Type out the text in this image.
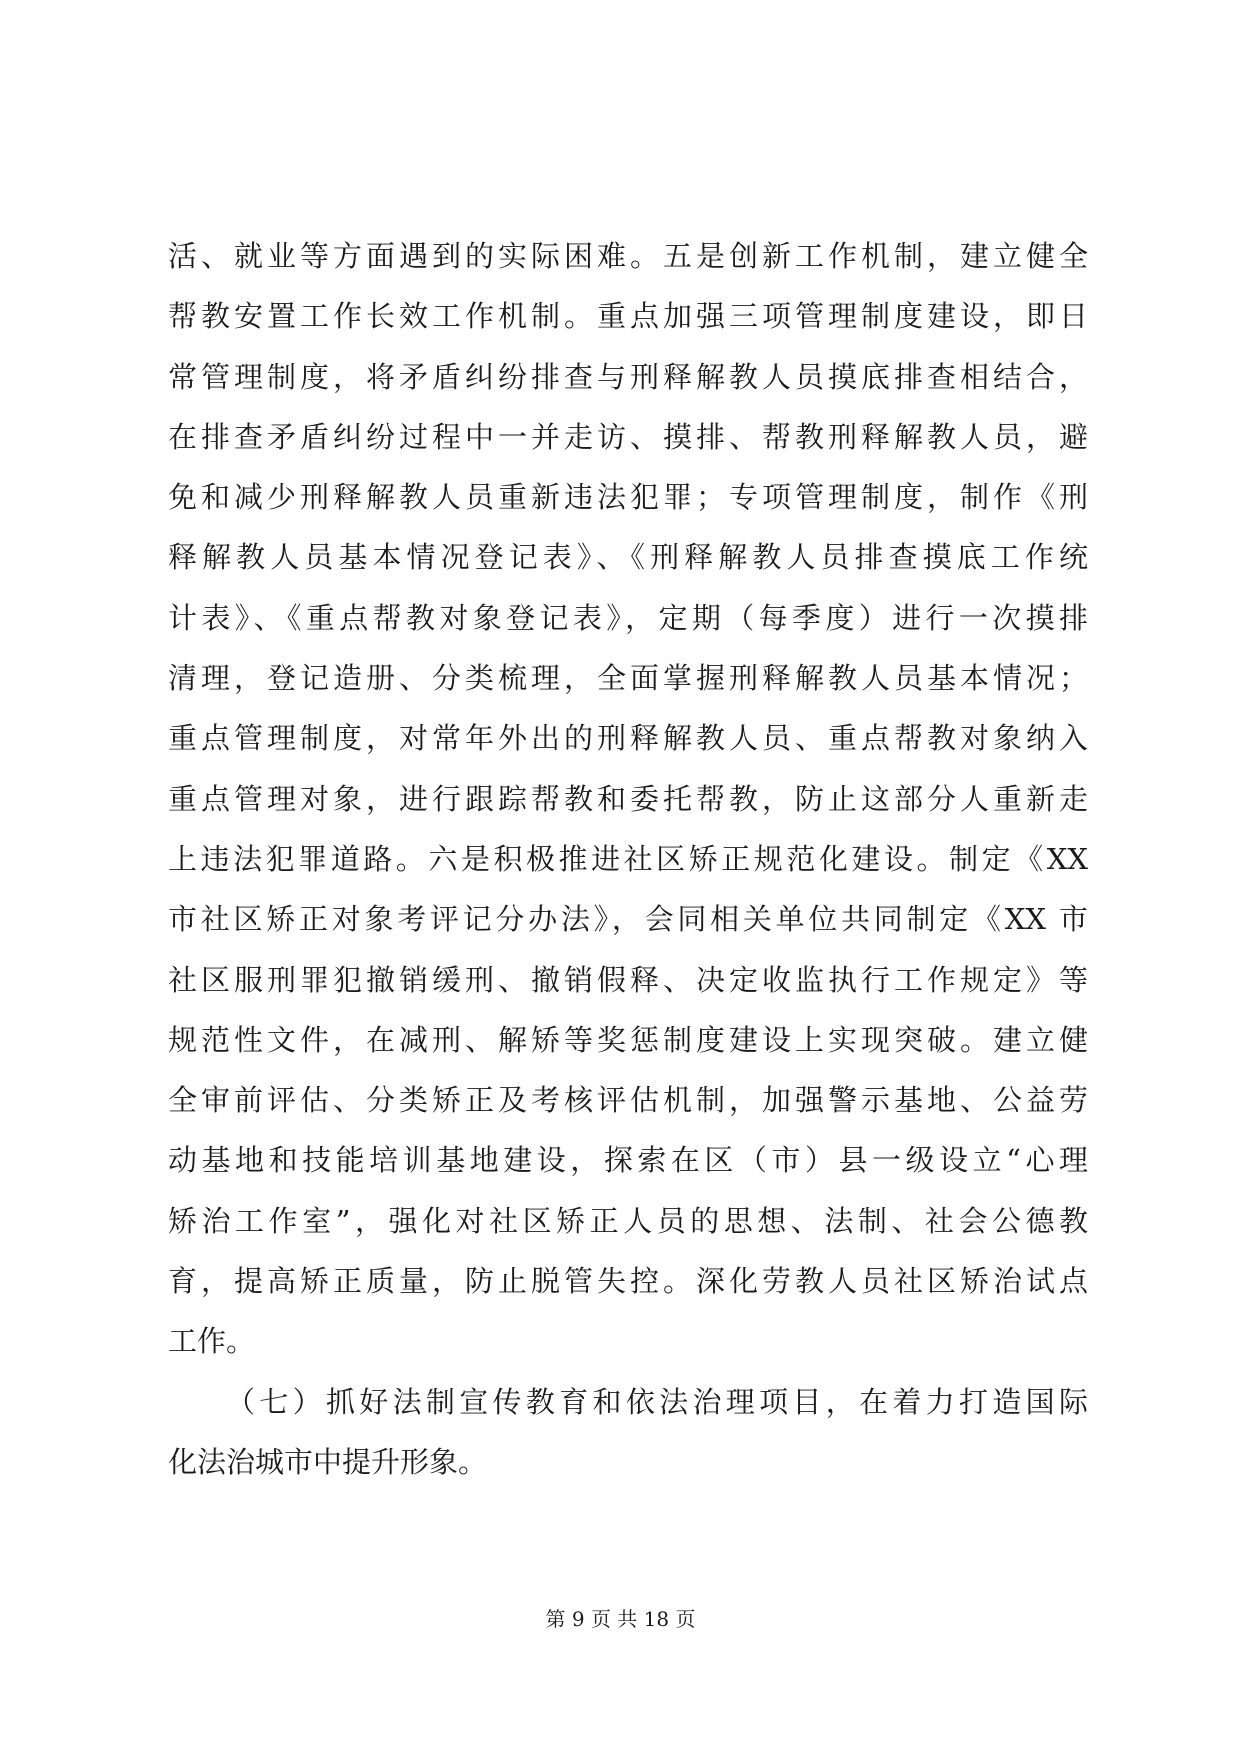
活、就业等方面遇到的实际困难。五是创新工作机制，建立健全
帮教安置工作长效工作机制。重点加强三项管理制度建设，即日
常管理制度，将矛盾纠纷排查与刑释解教人员摸底排查相结合，
在排查矛盾纠纷过程中一并走访、摸排、帮教刑释解教人员，避
免和减少刑释解教人员重新违法犯罪；专项管理制度，制作《刑
释解教人员基本情况登记表》、《刑释解教人员排查摸底工作统
计表》、《重点帮教对象登记表》，定期（每季度）进行一次摸排
清理，登记造册、分类梳理，全面掌握刑释解教人员基本情况；
重点管理制度，对常年外出的刑释解教人员、重点帮教对象纳入
重点管理对象，进行跟踪帮教和委托帮教，防止这部分人重新走
上违法犯罪道路。六是积极推进社区矫正规范化建设。制定《XX
市社区矫正对象考评记分办法》，会同相关单位共同制定《XX 市
社区服刑罪犯撤销缓刑、撤销假释、决定收监执行工作规定》等
规范性文件，在减刑、解矫等奖惩制度建设上实现突破。建立健
全审前评估、分类矫正及考核评估机制，加强警示基地、公益劳
动基地和技能培训基地建设，探索在区（市）县一级设立“心理
矫治工作室”，强化对社区矫正人员的思想、法制、社会公德教
育，提高矫正质量，防止脱管失控。深化劳教人员社区矫治试点
工作。
（七）抓好法制宣传教育和依法治理项目，在着力打造国际
化法治城市中提升形象。
第 9 页 共 18 页
